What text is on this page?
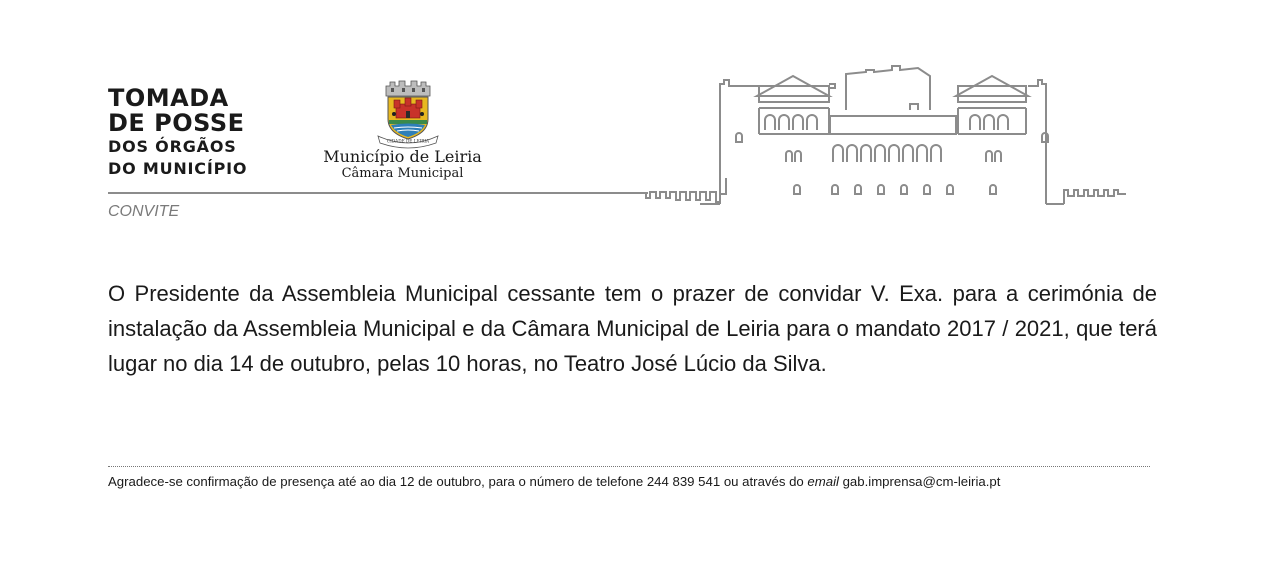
TOMADA
DE POSSE
DOS ÓRGÃOS
DO MUNICÍPIO
CIDADE DE LEIRIA
Município de Leiria
Câmara Municipal
CONVITE

O Presidente da Assembleia Municipal cessante tem o prazer de convidar V. Exa. para a cerimónia de instalação da Assembleia Municipal e da Câmara Municipal de Leiria para o mandato 2017 / 2021, que terá lugar no dia 14 de outubro, pelas 10 horas, no Teatro José Lúcio da Silva.

Agradece-se confirmação de presença até ao dia 12 de outubro, para o número de telefone 244 839 541 ou através do email gab.imprensa@cm-leiria.pt
